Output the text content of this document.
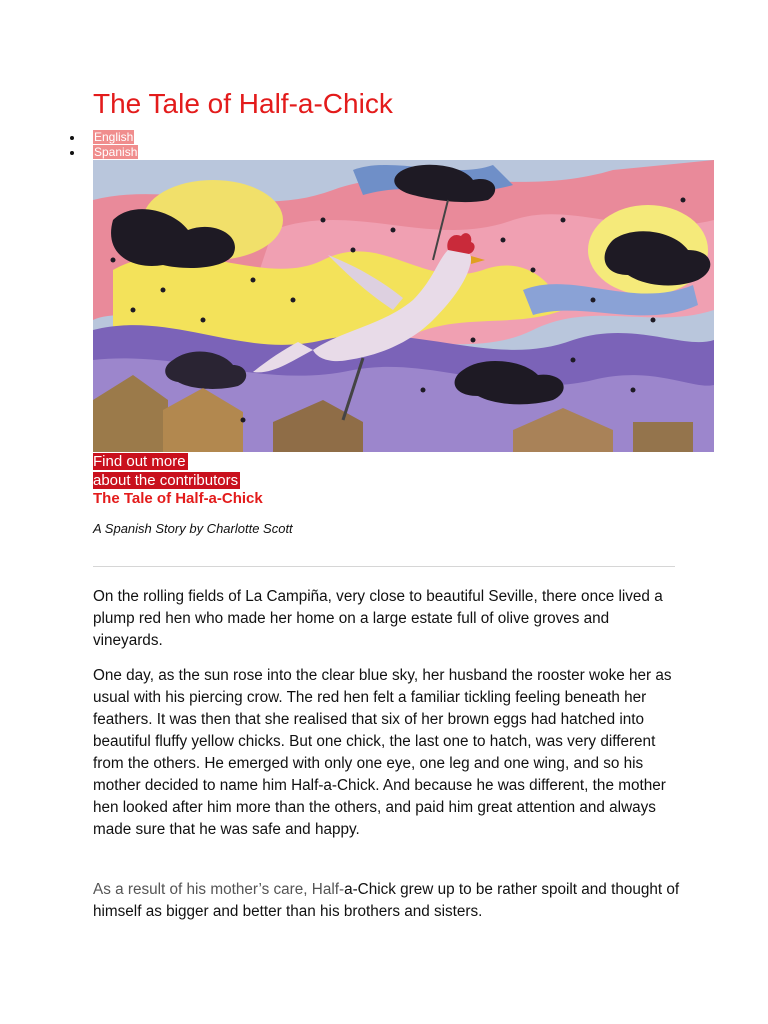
The Tale of Half-a-Chick
English
Spanish
Find out more
about the contributors
The Tale of Half-a-Chick
A Spanish Story by Charlotte Scott

On the rolling fields of La Campiña, very close to beautiful Seville, there once lived a plump red hen who made her home on a large estate full of olive groves and vineyards.

One day, as the sun rose into the clear blue sky, her husband the rooster woke her as usual with his piercing crow. The red hen felt a familiar tickling feeling beneath her feathers. It was then that she realised that six of her brown eggs had hatched into beautiful fluffy yellow chicks. But one chick, the last one to hatch, was very different from the others. He emerged with only one eye, one leg and one wing, and so his mother decided to name him Half-a-Chick. And because he was different, the mother hen looked after him more than the others, and paid him great attention and always made sure that he was safe and happy.

As a result of his mother’s care, Half-a-Chick grew up to be rather spoilt and thought of himself as bigger and better than his brothers and sisters.
